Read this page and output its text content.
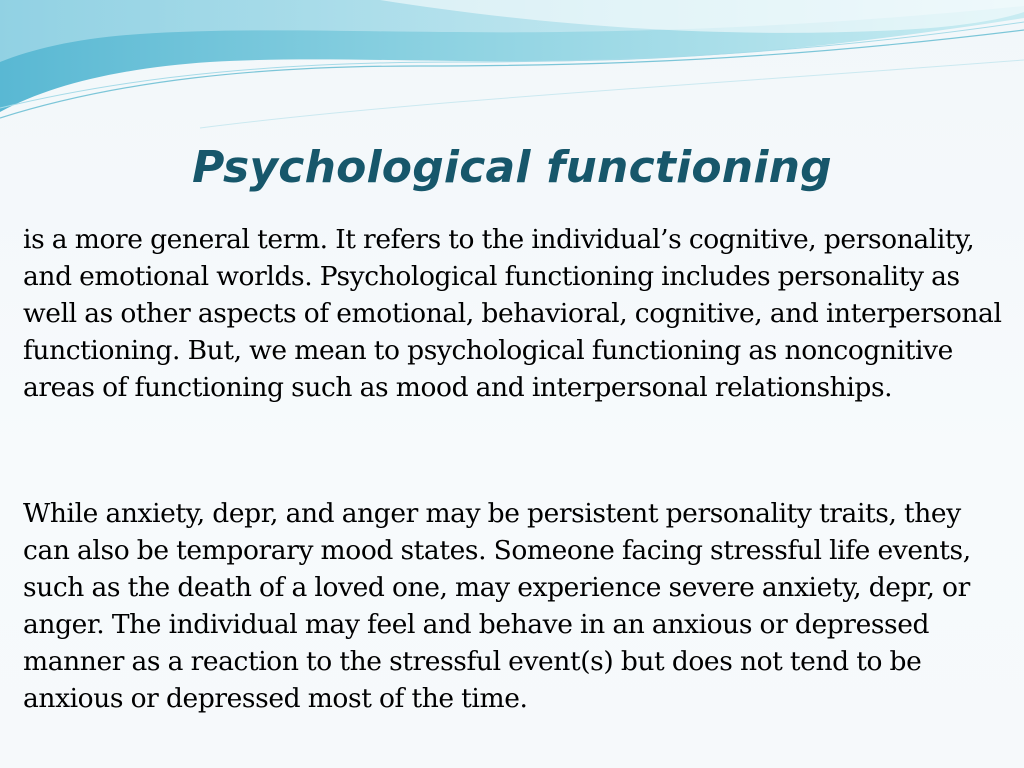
Psychological functioning

is a more general term. It refers to the individual’s cognitive, personality, and emotional worlds. Psychological functioning includes personality as well as other aspects of emotional, behavioral, cognitive, and interpersonal functioning. But, we mean to psychological functioning as noncognitive areas of functioning such as mood and interpersonal relationships.

While anxiety, depr, and anger may be persistent personality traits, they can also be temporary mood states. Someone facing stressful life events, such as the death of a loved one, may experience severe anxiety, depr, or anger. The individual may feel and behave in an anxious or depressed manner as a reaction to the stressful event(s) but does not tend to be anxious or depressed most of the time.
